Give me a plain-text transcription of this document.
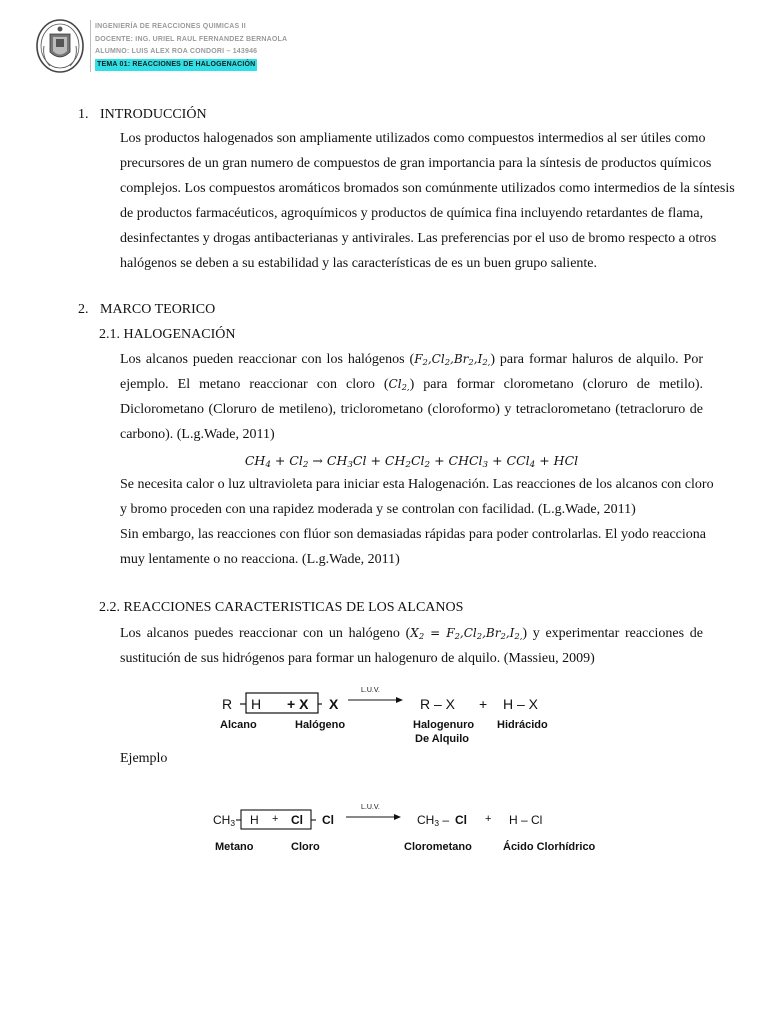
INGENIERÍA DE REACCIONES QUIMICAS II
DOCENTE: ING. URIEL RAUL FERNANDEZ BERNAOLA
ALUMNO: LUIS ALEX ROA CONDORI – 143946
TEMA 01: REACCIONES DE HALOGENACIÓN
1. INTRODUCCIÓN
Los productos halogenados son ampliamente utilizados como compuestos intermedios al ser útiles como
precursores de un gran numero de compuestos de gran importancia para la síntesis de productos químicos
complejos. Los compuestos aromáticos bromados son comúnmente utilizados como intermedios de la síntesis
de productos farmacéuticos, agroquímicos y productos de química fina incluyendo retardantes de flama,
desinfectantes y drogas antibacterianas y antivirales. Las preferencias por el uso de bromo respecto a otros
halógenos se deben a su estabilidad y las características de es un buen grupo saliente.
2. MARCO TEORICO
2.1. HALOGENACIÓN
Los alcanos pueden reaccionar con los halógenos $(F_2,Cl_2,Br_2,I_{2,})$ para formar haluros de alquilo. Por
ejemplo. El metano reaccionar con cloro $(Cl_{2,})$ para formar clorometano (cloruro de metilo).
Diclorometano (Cloruro de metileno), triclorometano (cloroformo) y tetraclorometano (tetracloruro de
carbono). (L.g.Wade, 2011)
$CH_4 + Cl_2 \to CH_3Cl + CH_2Cl_2$ + CHCl$_3$ + CCl$_4$ + HCl
Se necesita calor o luz ultravioleta para iniciar esta Halogenación. Las reacciones de los alcanos con cloro
y bromo proceden con una rapidez moderada y se controlan con facilidad. (L.g.Wade, 2011)
Sin embargo, las reacciones con flúor son demasiadas rápidas para poder controlarlas. El yodo reacciona
muy lentamente o no reacciona. (L.g.Wade, 2011)
2.2. REACCIONES CARACTERISTICAS DE LOS ALCANOS
Los alcanos puedes reaccionar con un halógeno $(X_2 = F_2,Cl_2,Br_2,I_{2,})$ y experimentar reacciones de
sustitución de sus hidrógenos para formar un halogenuro de alquilo. (Massieu, 2009)
R H + X X
L.U.V.
→ R – X + H – X
Alcano	Halógeno	Halogenuro
De Alquilo
Hidrácido
Ejemplo
$CH_3$ H + Cl Cl
L.U.V.
→ $CH_3 - Cl + H - Cl$
Metano	Cloro	Clorometano	Ácido Clorhídrico
